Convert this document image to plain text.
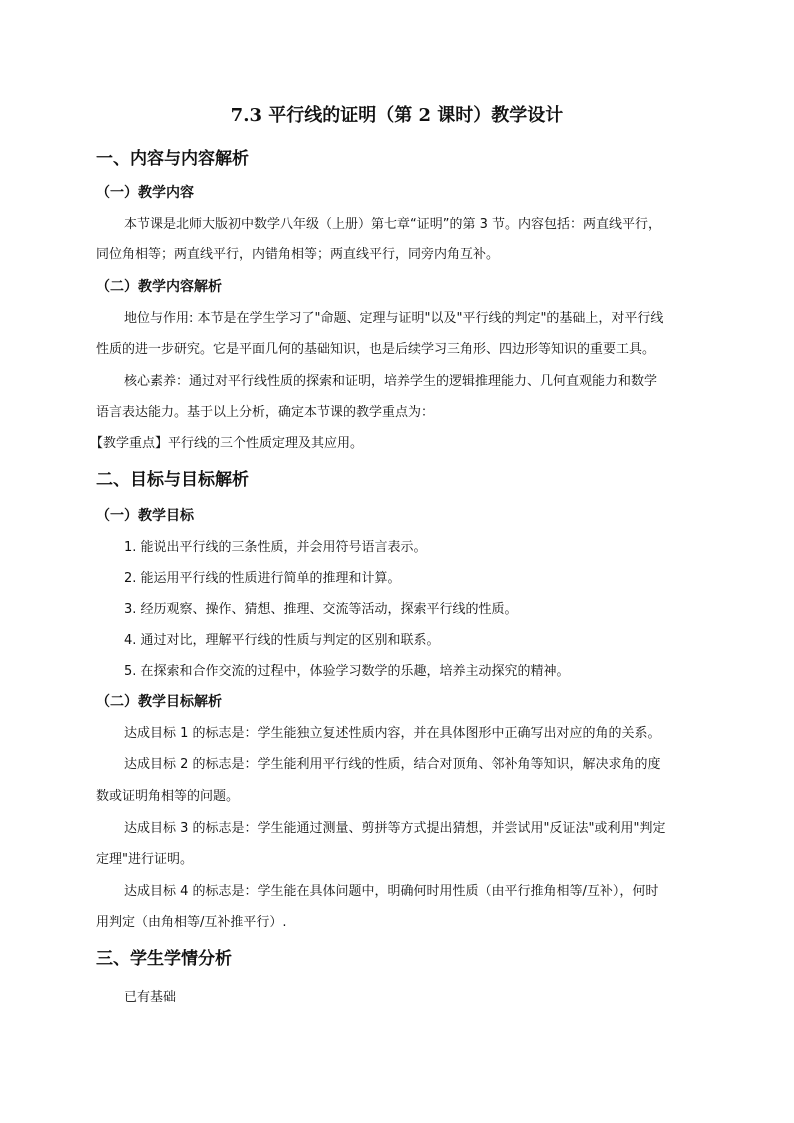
7.3 平行线的证明（第 2 课时）教学设计
一、内容与内容解析
（一）教学内容
本节课是北师大版初中数学八年级（上册）第七章“证明”的第 3 节。内容包括：两直线平行，
同位角相等；两直线平行，内错角相等；两直线平行，同旁内角互补。
（二）教学内容解析
地位与作用: 本节是在学生学习了"命题、定理与证明"以及"平行线的判定"的基础上，对平行线
性质的进一步研究。它是平面几何的基础知识，也是后续学习三角形、四边形等知识的重要工具。
核心素养：通过对平行线性质的探索和证明，培养学生的逻辑推理能力、几何直观能力和数学
语言表达能力。基于以上分析，确定本节课的教学重点为：
【教学重点】平行线的三个性质定理及其应用。
二、目标与目标解析
（一）教学目标
1. 能说出平行线的三条性质，并会用符号语言表示。
2. 能运用平行线的性质进行简单的推理和计算。
3. 经历观察、操作、猜想、推理、交流等活动，探索平行线的性质。
4. 通过对比，理解平行线的性质与判定的区别和联系。
5. 在探索和合作交流的过程中，体验学习数学的乐趣，培养主动探究的精神。
（二）教学目标解析
达成目标 1 的标志是：学生能独立复述性质内容，并在具体图形中正确写出对应的角的关系。
达成目标 2 的标志是：学生能利用平行线的性质，结合对顶角、邻补角等知识，解决求角的度
数或证明角相等的问题。
达成目标 3 的标志是：学生能通过测量、剪拼等方式提出猜想，并尝试用"反证法"或利用"判定
定理"进行证明。
达成目标 4 的标志是：学生能在具体问题中，明确何时用性质（由平行推角相等/互补），何时
用判定（由角相等/互补推平行）.
三、学生学情分析
已有基础
